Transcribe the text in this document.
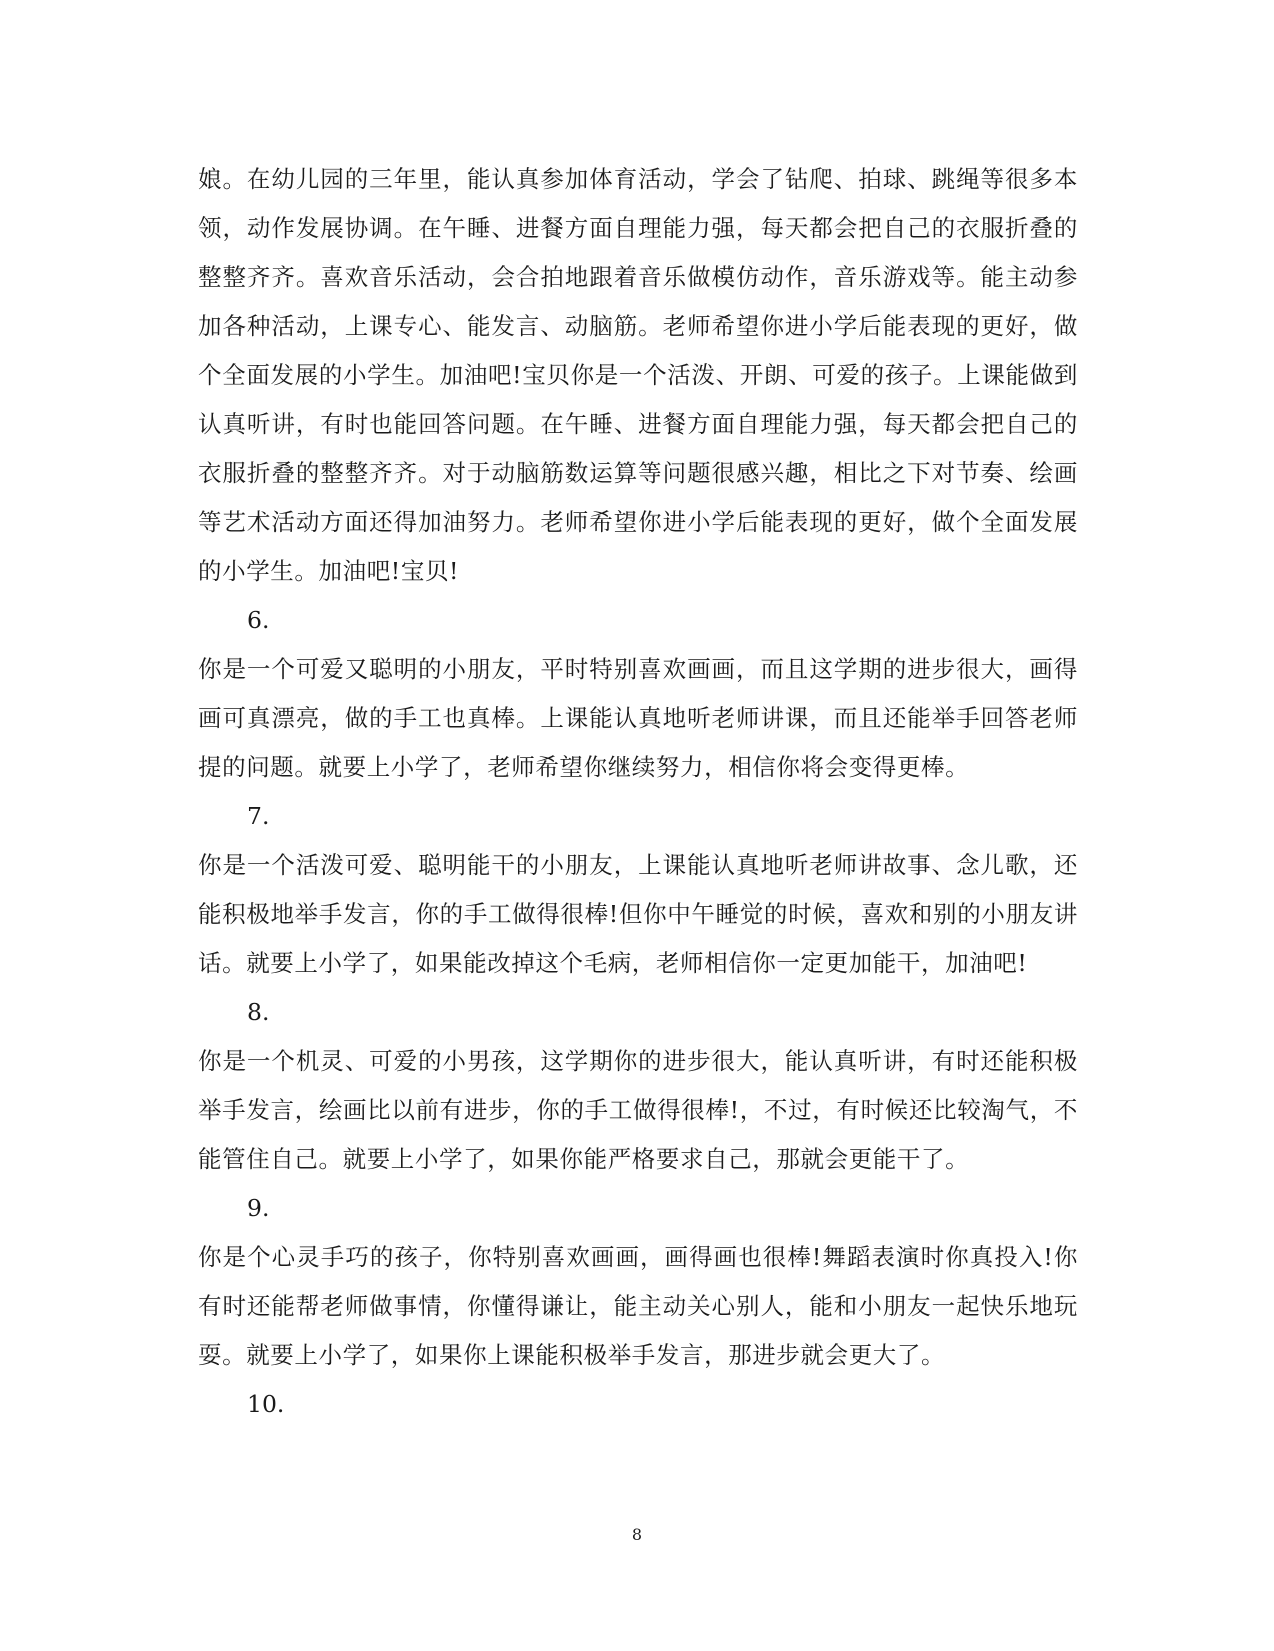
娘。在幼儿园的三年里，能认真参加体育活动，学会了钻爬、拍球、跳绳等很多本领，动作发展协调。在午睡、进餐方面自理能力强，每天都会把自己的衣服折叠的整整齐齐。喜欢音乐活动，会合拍地跟着音乐做模仿动作，音乐游戏等。能主动参加各种活动，上课专心、能发言、动脑筋。老师希望你进小学后能表现的更好，做个全面发展的小学生。加油吧!宝贝你是一个活泼、开朗、可爱的孩子。上课能做到认真听讲，有时也能回答问题。在午睡、进餐方面自理能力强，每天都会把自己的衣服折叠的整整齐齐。对于动脑筋数运算等问题很感兴趣，相比之下对节奏、绘画等艺术活动方面还得加油努力。老师希望你进小学后能表现的更好，做个全面发展的小学生。加油吧!宝贝!

6.

你是一个可爱又聪明的小朋友，平时特别喜欢画画，而且这学期的进步很大，画得画可真漂亮，做的手工也真棒。上课能认真地听老师讲课，而且还能举手回答老师提的问题。就要上小学了，老师希望你继续努力，相信你将会变得更棒。

7.

你是一个活泼可爱、聪明能干的小朋友，上课能认真地听老师讲故事、念儿歌，还能积极地举手发言，你的手工做得很棒!但你中午睡觉的时候，喜欢和别的小朋友讲话。就要上小学了，如果能改掉这个毛病，老师相信你一定更加能干，加油吧!

8.

你是一个机灵、可爱的小男孩，这学期你的进步很大，能认真听讲，有时还能积极举手发言，绘画比以前有进步，你的手工做得很棒!，不过，有时候还比较淘气，不能管住自己。就要上小学了，如果你能严格要求自己，那就会更能干了。

9.

你是个心灵手巧的孩子，你特别喜欢画画，画得画也很棒!舞蹈表演时你真投入!你有时还能帮老师做事情，你懂得谦让，能主动关心别人，能和小朋友一起快乐地玩耍。就要上小学了，如果你上课能积极举手发言，那进步就会更大了。

10.

8
